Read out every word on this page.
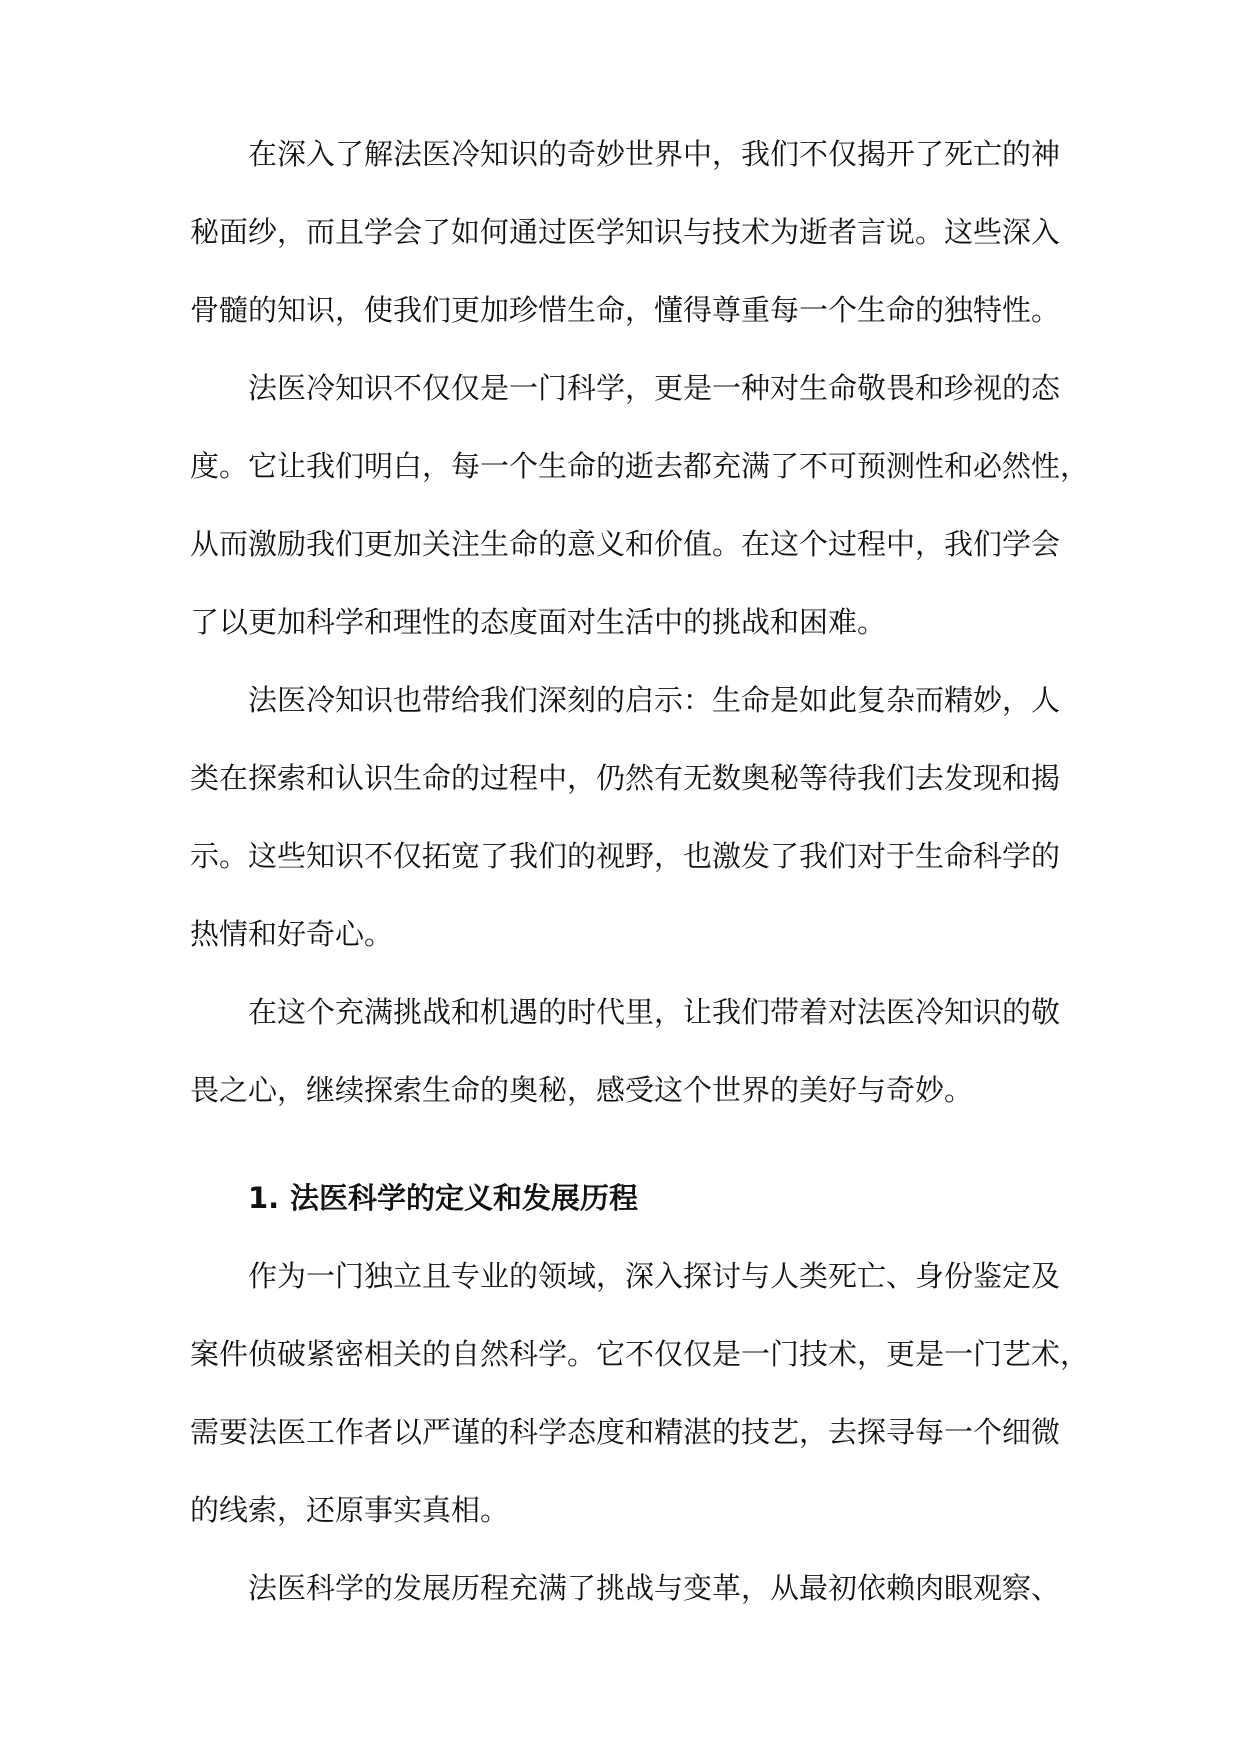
在深入了解法医冷知识的奇妙世界中，我们不仅揭开了死亡的神
秘面纱，而且学会了如何通过医学知识与技术为逝者言说。这些深入
骨髓的知识，使我们更加珍惜生命，懂得尊重每一个生命的独特性。
法医冷知识不仅仅是一门科学，更是一种对生命敬畏和珍视的态
度。它让我们明白，每一个生命的逝去都充满了不可预测性和必然性，
从而激励我们更加关注生命的意义和价值。在这个过程中，我们学会
了以更加科学和理性的态度面对生活中的挑战和困难。
法医冷知识也带给我们深刻的启示：生命是如此复杂而精妙，人
类在探索和认识生命的过程中，仍然有无数奥秘等待我们去发现和揭
示。这些知识不仅拓宽了我们的视野，也激发了我们对于生命科学的
热情和好奇心。
在这个充满挑战和机遇的时代里，让我们带着对法医冷知识的敬
畏之心，继续探索生命的奥秘，感受这个世界的美好与奇妙。
1. 法医科学的定义和发展历程
作为一门独立且专业的领域，深入探讨与人类死亡、身份鉴定及
案件侦破紧密相关的自然科学。它不仅仅是一门技术，更是一门艺术，
需要法医工作者以严谨的科学态度和精湛的技艺，去探寻每一个细微
的线索，还原事实真相。
法医科学的发展历程充满了挑战与变革，从最初依赖肉眼观察、
